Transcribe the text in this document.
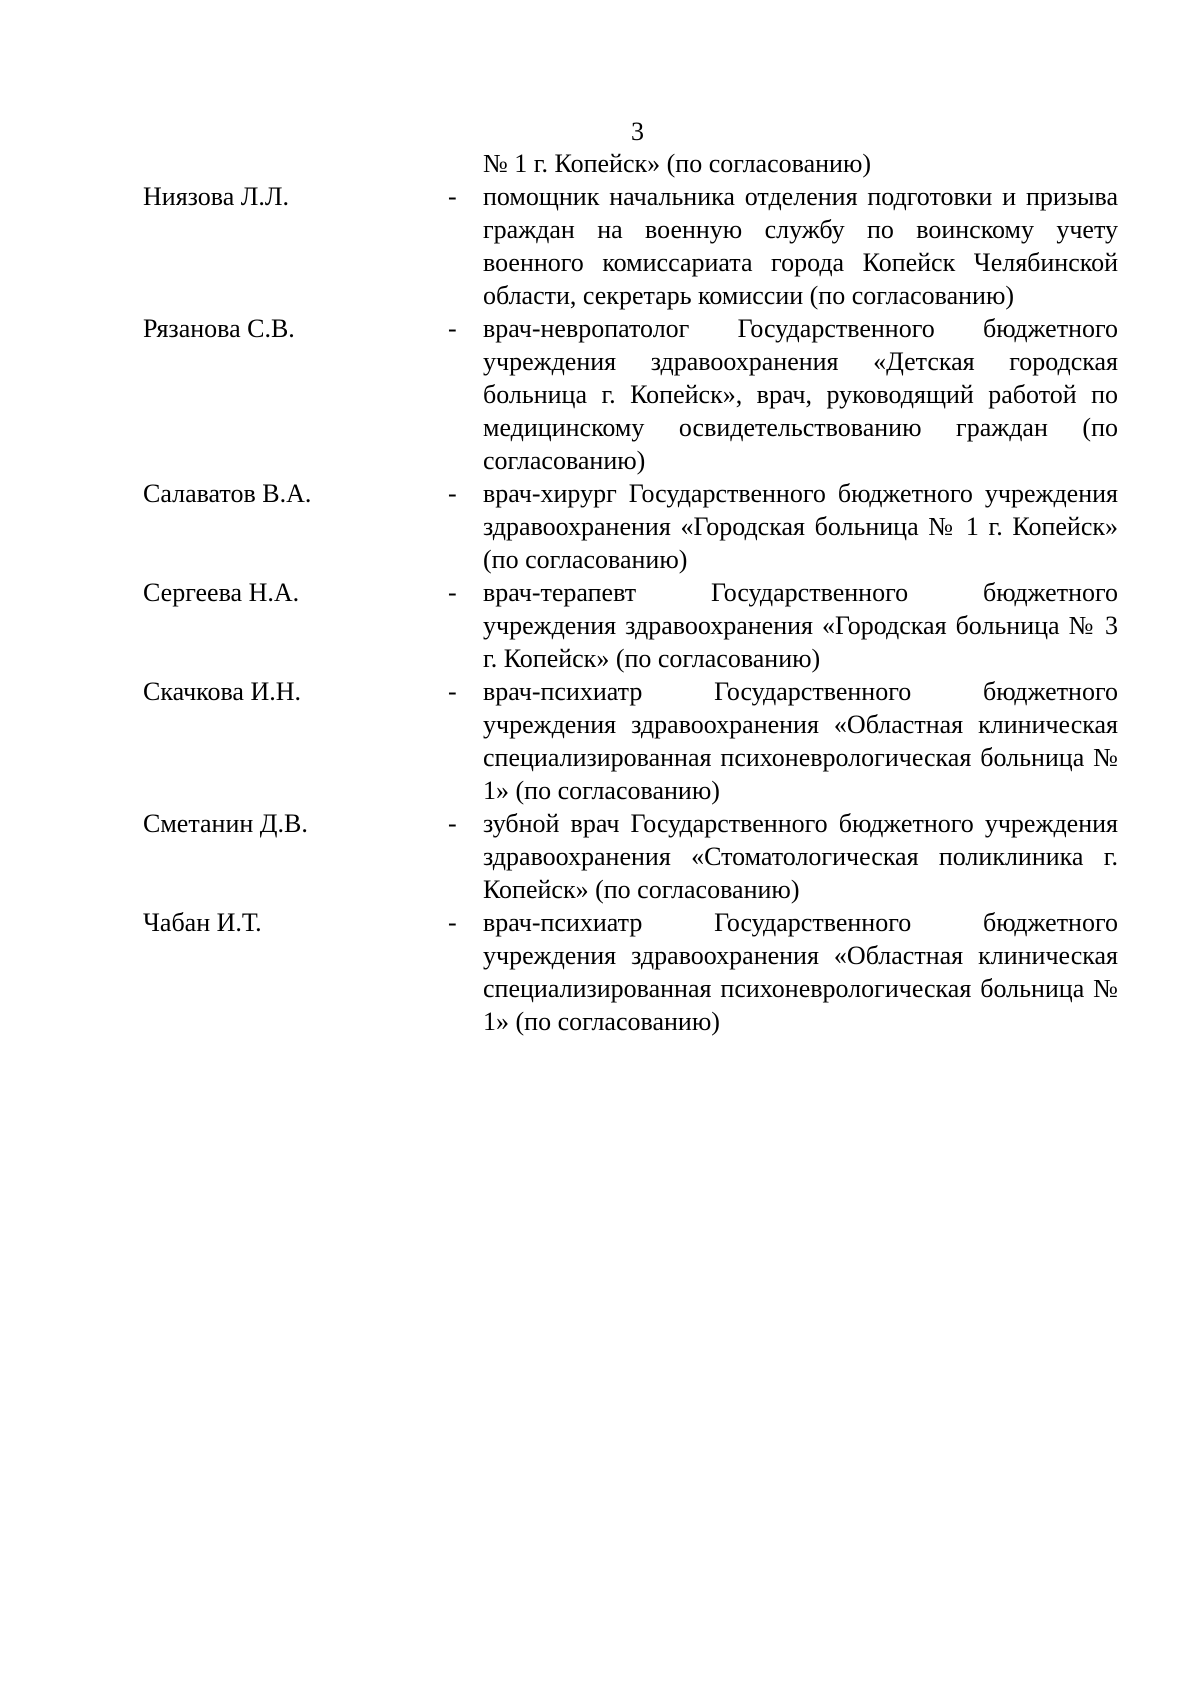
3
№ 1 г. Копейск» (по согласованию)
Ниязова Л.Л.	-	помощник начальника отделения подготовки и призыва граждан на военную службу по воинскому учету военного комиссариата города Копейск Челябинской области, секретарь комиссии (по согласованию)
Рязанова С.В.	-	врач-невропатолог Государственного бюджетного учреждения здравоохранения «Детская городская больница г. Копейск», врач, руководящий работой по медицинскому освидетельствованию граждан (по согласованию)
Салаватов В.А.	-	врач-хирург Государственного бюджетного учреждения здравоохранения «Городская больница № 1 г. Копейск» (по согласованию)
Сергеева Н.А.	-	врач-терапевт Государственного бюджетного учреждения здравоохранения «Городская больница № 3 г. Копейск» (по согласованию)
Скачкова И.Н.	-	врач-психиатр Государственного бюджетного учреждения здравоохранения «Областная клиническая специализированная психоневрологическая больница № 1» (по согласованию)
Сметанин Д.В.	-	зубной врач Государственного бюджетного учреждения здравоохранения «Стоматологическая поликлиника г. Копейск» (по согласованию)
Чабан И.Т.	-	врач-психиатр Государственного бюджетного учреждения здравоохранения «Областная клиническая специализированная психоневрологическая больница № 1» (по согласованию)
